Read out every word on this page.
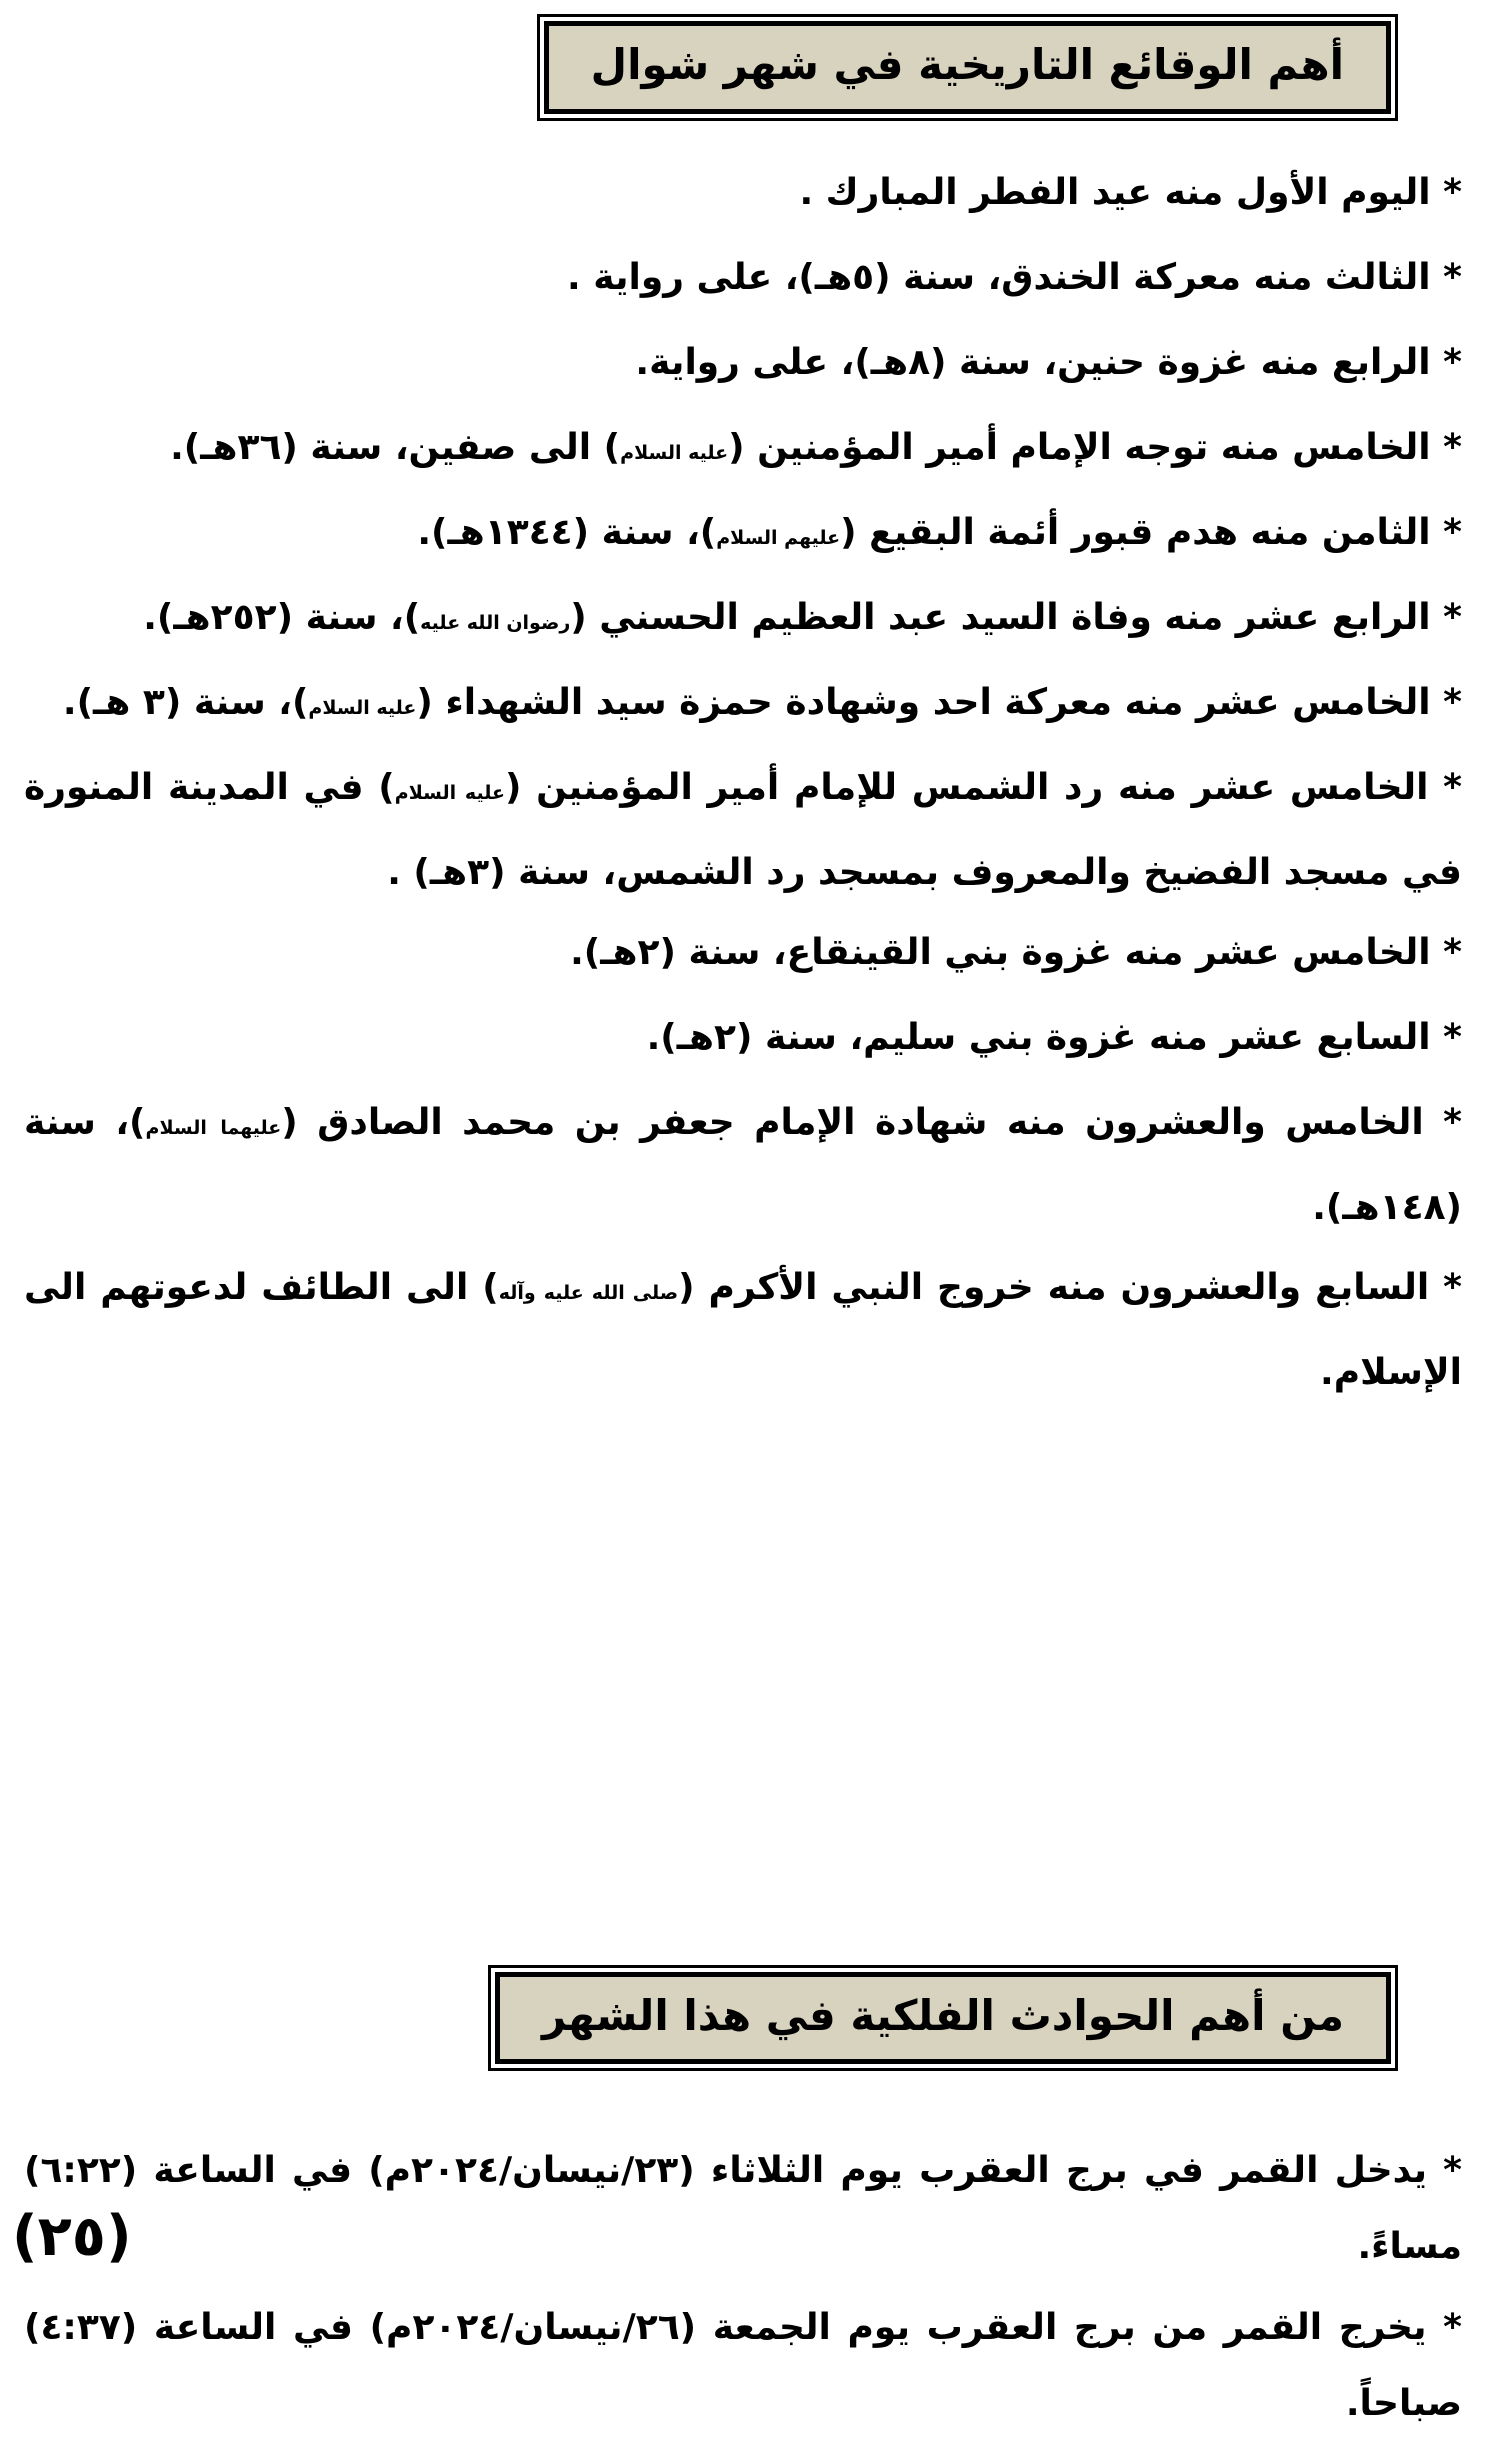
أهم الوقائع التاريخية في شهر شوال

* اليوم الأول منه عيد الفطر المبارك .

* الثالث منه معركة الخندق، سنة (٥هـ)، على رواية .

* الرابع منه غزوة حنين، سنة (٨هـ)، على رواية.

* الخامس منه توجه الإمام أمير المؤمنين (عليه السلام) الى صفين، سنة (٣٦هـ).

* الثامن منه هدم قبور أئمة البقيع (عليهم السلام)، سنة (١٣٤٤هـ).

* الرابع عشر منه وفاة السيد عبد العظيم الحسني (رضوان الله عليه)، سنة (٢٥٢هـ).

* الخامس عشر منه معركة احد وشهادة حمزة سيد الشهداء (عليه السلام)، سنة (٣ هـ).

* الخامس عشر منه رد الشمس للإمام أمير المؤمنين (عليه السلام) في المدينة المنورة في مسجد الفضيخ والمعروف بمسجد رد الشمس، سنة (٣هـ) .

* الخامس عشر منه غزوة بني القينقاع، سنة (٢هـ).

* السابع عشر منه غزوة بني سليم، سنة (٢هـ).

* الخامس والعشرون منه شهادة الإمام جعفر بن محمد الصادق (عليهما السلام)، سنة (١٤٨هـ).

* السابع والعشرون منه خروج النبي الأكرم (صلى الله عليه وآله) الى الطائف لدعوتهم الى الإسلام.

من أهم الحوادث الفلكية في هذا الشهر

* يدخل القمر في برج العقرب يوم الثلاثاء (٢٣/نيسان/٢٠٢٤م) في الساعة (٦:٢٢) مساءً.

* يخرج القمر من برج العقرب يوم الجمعة (٢٦/نيسان/٢٠٢٤م) في الساعة (٤:٣٧) صباحاً.

(٢٥)
